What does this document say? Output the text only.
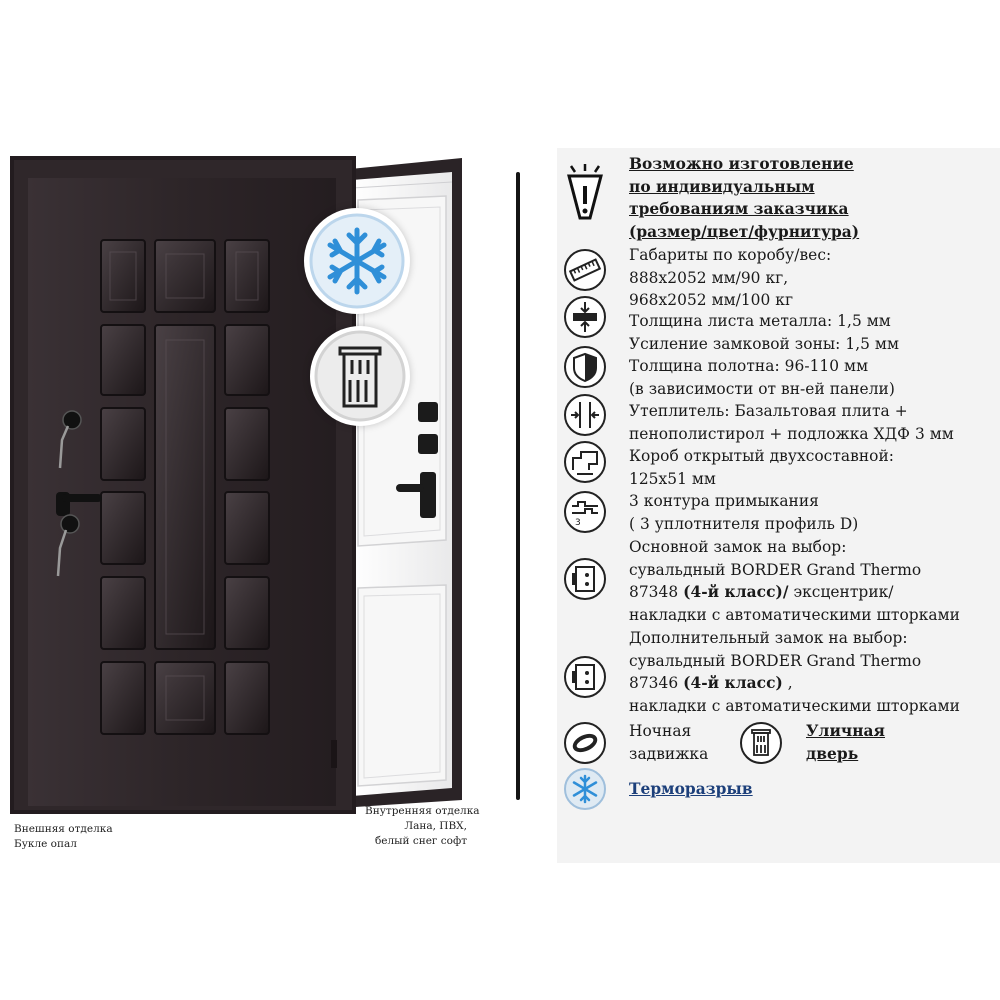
Внешняя отделка
Букле опал
Внутренняя отделка
Лана, ПВХ,
белый снег софт
Возможно изготовление
по индивидуальным
требованиям заказчика
(размер/цвет/фурнитура)
Габариты по коробу/вес:
888х2052 мм/90 кг,
968х2052 мм/100 кг
Толщина листа металла: 1,5 мм
Усиление замковой зоны: 1,5 мм
Толщина полотна: 96-110 мм
(в зависимости от вн-ей панели)
Утеплитель: Базальтовая плита +
пенополистирол + подложка ХДФ 3 мм
Короб открытый двухсоставной:
125х51 мм
3
3 контура примыкания
( 3 уплотнителя профиль D)
Основной замок на выбор:
сувальдный BORDER Grand Thermo
87348 (4-й класс)/ эксцентрик/
накладки с автоматическими шторками
Дополнительный замок на выбор:
сувальдный BORDER Grand Thermo
87346 (4-й класс) ,
накладки с автоматическими шторками
Ночная
задвижка
Уличная
дверь
Терморазрыв
